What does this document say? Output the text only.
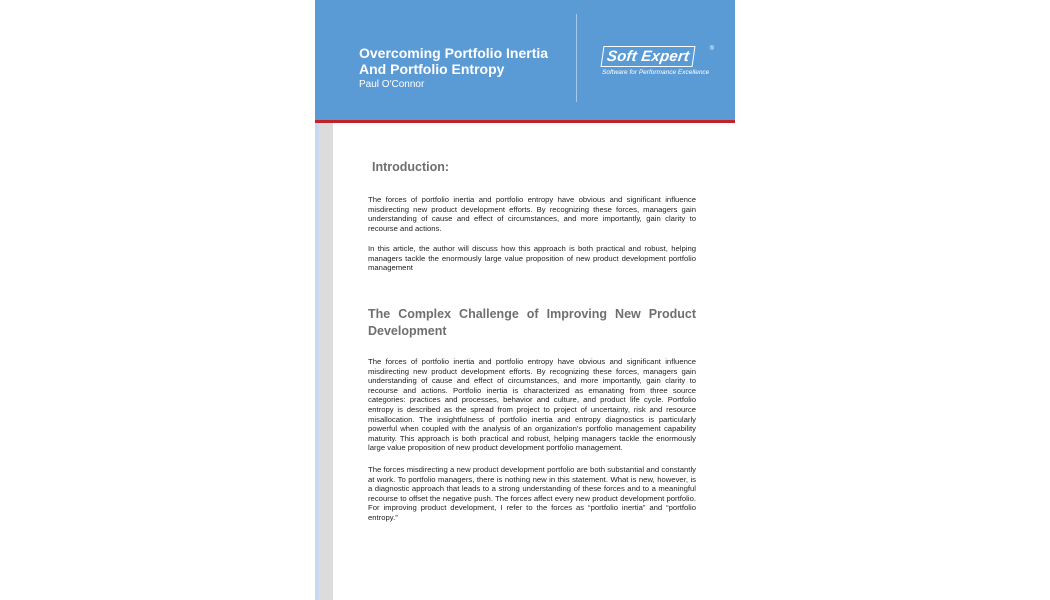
Overcoming Portfolio Inertia
And Portfolio Entropy

Paul O'Connor

Soft Expert	®
Software for Performance Excellence
Introduction:

The forces of portfolio inertia and portfolio entropy have obvious and significant influence misdirecting new product development efforts. By recognizing these forces, managers gain understanding of cause and effect of circumstances, and more importantly, gain clarity to recourse and actions.

In this article, the author will discuss how this approach is both practical and robust, helping managers tackle the enormously large value proposition of new product development portfolio management

The Complex Challenge of Improving New Product Development

The forces of portfolio inertia and portfolio entropy have obvious and significant influence misdirecting new product development efforts. By recognizing these forces, managers gain understanding of cause and effect of circumstances, and more importantly, gain clarity to recourse and actions. Portfolio inertia is characterized as emanating from three source categories: practices and processes, behavior and culture, and product life cycle. Portfolio entropy is described as the spread from project to project of uncertainty, risk and resource misallocation. The insightfulness of portfolio inertia and entropy diagnostics is particularly powerful when coupled with the analysis of an organization's portfolio management capability maturity. This approach is both practical and robust, helping managers tackle the enormously large value proposition of new product development portfolio management.

The forces misdirecting a new product development portfolio are both substantial and constantly at work. To portfolio managers, there is nothing new in this statement. What is new, however, is a diagnostic approach that leads to a strong understanding of these forces and to a meaningful recourse to offset the negative push. The forces affect every new product development portfolio. For improving product development, I refer to the forces as “portfolio inertia” and “portfolio entropy.”
